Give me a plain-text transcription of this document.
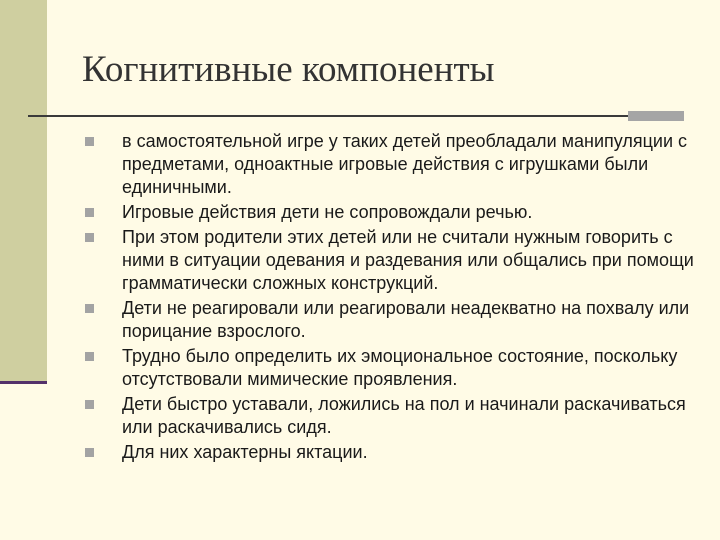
Когнитивные компоненты
в самостоятельной игре у таких детей преобладали манипуляции с предметами, одноактные игровые действия с игрушками были единичными.
Игровые действия дети не сопровождали речью.
При этом родители этих детей или не считали нужным говорить с ними в ситуации одевания и раздевания или общались при помощи грамматически сложных конструкций.
Дети не реагировали или реагировали неадекватно на похвалу или порицание взрослого.
Трудно было определить их эмоциональное состояние, поскольку отсутствовали мимические проявления.
Дети быстро уставали, ложились на пол и начинали раскачиваться или раскачивались сидя.
Для них характерны яктации.
